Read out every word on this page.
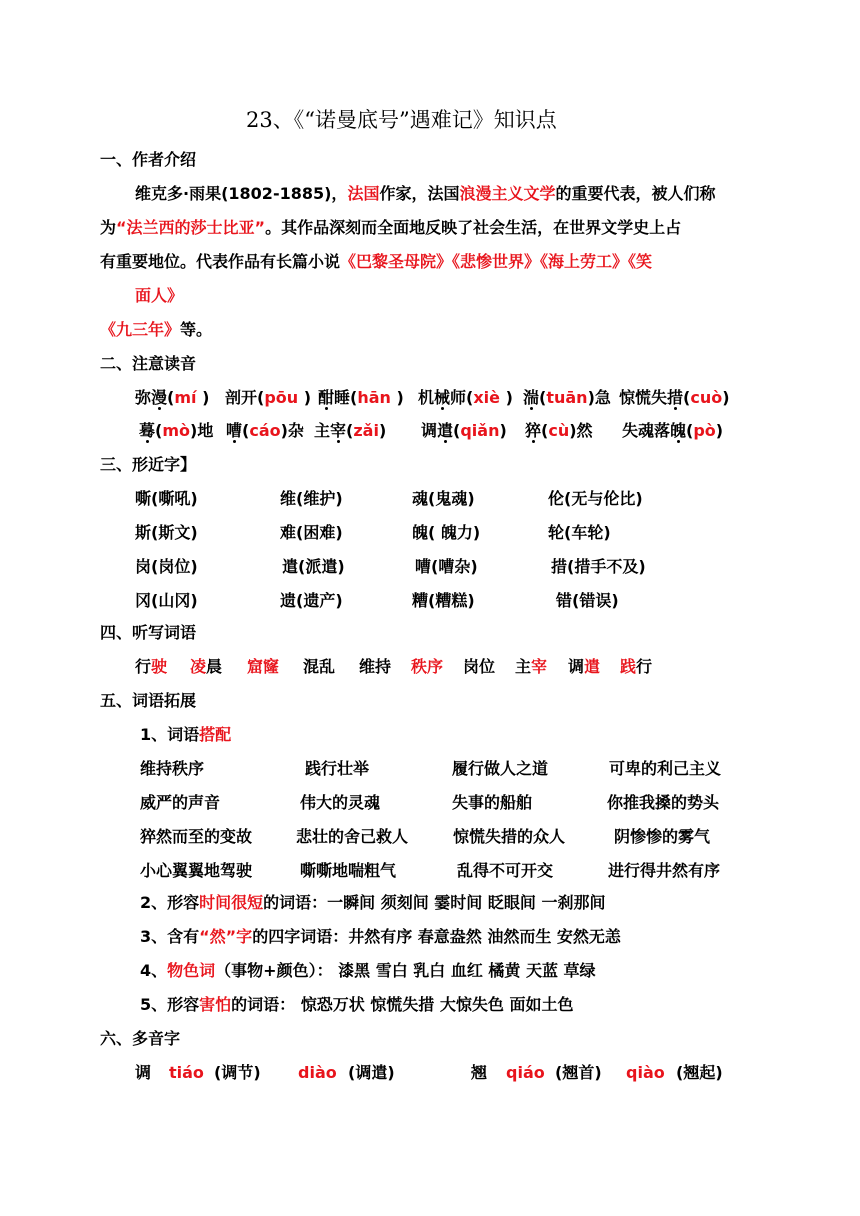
23、《“诺曼底号”遇难记》知识点
一、作者介绍
维克多·雨果(1802-1885)，法国作家，法国浪漫主义文学的重要代表，被人们称
为“法兰西的莎士比亚”。其作品深刻而全面地反映了社会生活，在世界文学史上占
有重要地位。代表作品有长篇小说《巴黎圣母院》《悲惨世界》《海上劳工》《笑
面人》
《九三年》等。
二、注意读音
弥漫(mí ) 剖开(pōu ) 酣睡(hān ) 机械师(xiè ) 湍(tuān)急 惊慌失措(cuò)
蓦(mò)地 嘈(cáo)杂 主宰(zǎi) 调遣(qiǎn) 猝(cù)然 失魂落魄(pò)
三、形近字】
嘶(嘶吼)	维(维护)	魂(鬼魂)	伦(无与伦比)
斯(斯文)	难(困难)	魄( 魄力)	轮(车轮)
岗(岗位)	遣(派遣)	嘈(嘈杂)	措(措手不及)
冈(山冈)	遗(遗产)	糟(糟糕)	错(错误)
四、听写词语
行驶 凌晨 窟窿 混乱 维持 秩序 岗位 主宰 调遣 践行
五、词语拓展
1、词语搭配
维持秩序	践行壮举	履行做人之道	可卑的利己主义
威严的声音	伟大的灵魂	失事的船舶	你推我搡的势头
猝然而至的变故	悲壮的舍己救人	惊慌失措的众人	阴惨惨的雾气
小心翼翼地驾驶	嘶嘶地喘粗气	乱得不可开交	进行得井然有序
2、形容时间很短的词语：一瞬间 须刻间 霎时间 眨眼间 一刹那间
3、含有“然”字的四字词语：井然有序 春意盎然 油然而生 安然无恙
4、物色词（事物+颜色）： 漆黑 雪白 乳白 血红 橘黄 天蓝 草绿
5、形容害怕的词语： 惊恐万状 惊慌失措 大惊失色 面如土色
六、多音字
调 tiáo (调节) diào (调遣)	翘 qiáo (翘首) qiào (翘起)
